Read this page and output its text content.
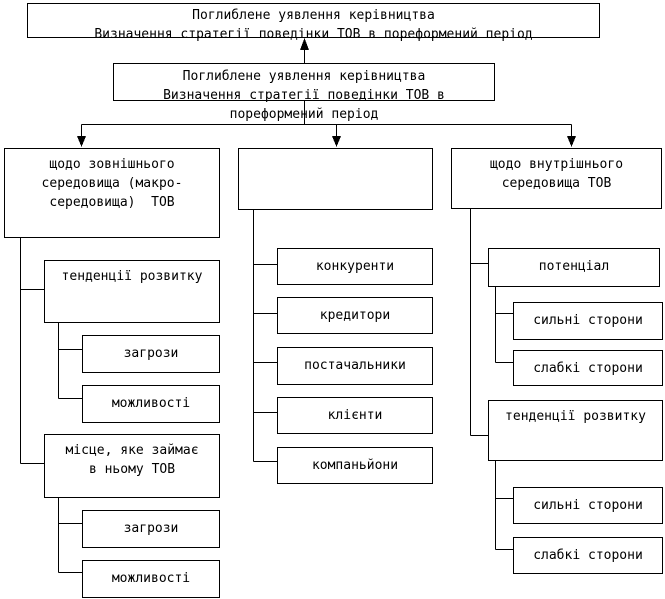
Поглиблене уявлення керівництва
Визначення стратегії поведінки ТОВ в пореформений період
Поглиблене уявлення керівництва
Визначення стратегії поведінки ТОВ в
пореформений період
щодо зовнішнього
середовища (макро-
середовища)  ТОВ
щодо внутрішнього
середовища ТОВ
тенденції розвитку
загрози
можливості
місце, яке займає
в ньому ТОВ
загрози
можливості
конкуренти
кредитори
постачальники
клієнти
компаньйони
потенціал
сильні сторони
слабкі сторони
тенденції розвитку
сильні сторони
слабкі сторони
